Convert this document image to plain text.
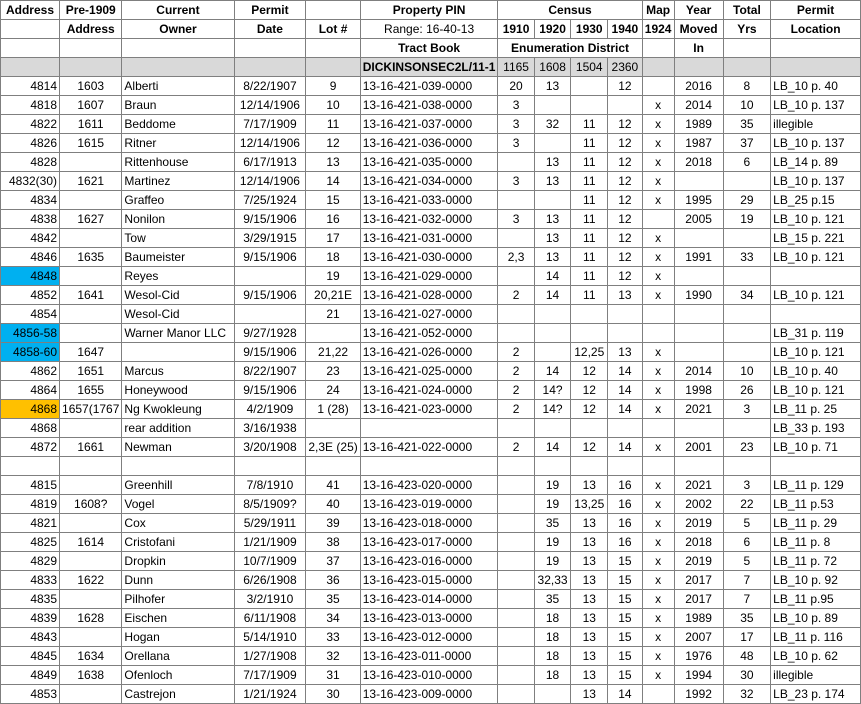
Address	Pre-1909	Current	Permit		Property PIN	Census				Map	Year	Total	Permit
	Address	Owner	Date	Lot #	Range: 16-40-13	1910	1920	1930	1940	1924	Moved	Yrs	Location
					Tract Book	Enumeration District					In		
					DICKINSONSEC2L/11-1	1165	1608	1504	2360				
4814	1603	Alberti	8/22/1907	9	13-16-421-039-0000	20	13		12		2016	8	LB_10 p. 40
4818	1607	Braun	12/14/1906	10	13-16-421-038-0000	3				x	2014	10	LB_10 p. 137
4822	1611	Beddome	7/17/1909	11	13-16-421-037-0000	3	32	11	12	x	1989	35	illegible
4826	1615	Ritner	12/14/1906	12	13-16-421-036-0000	3		11	12	x	1987	37	LB_10 p. 137
4828		Rittenhouse	6/17/1913	13	13-16-421-035-0000		13	11	12	x	2018	6	LB_14 p. 89
4832(30)	1621	Martinez	12/14/1906	14	13-16-421-034-0000	3	13	11	12	x			LB_10 p. 137
4834		Graffeo	7/25/1924	15	13-16-421-033-0000			11	12	x	1995	29	LB_25 p.15
4838	1627	Nonilon	9/15/1906	16	13-16-421-032-0000	3	13	11	12		2005	19	LB_10 p. 121
4842		Tow	3/29/1915	17	13-16-421-031-0000		13	11	12	x			LB_15 p. 221
4846	1635	Baumeister	9/15/1906	18	13-16-421-030-0000	2,3	13	11	12	x	1991	33	LB_10 p. 121
4848		Reyes		19	13-16-421-029-0000		14	11	12	x			
4852	1641	Wesol-Cid	9/15/1906	20,21E	13-16-421-028-0000	2	14	11	13	x	1990	34	LB_10 p. 121
4854		Wesol-Cid		21	13-16-421-027-0000								
4856-58		Warner Manor LLC	9/27/1928		13-16-421-052-0000								LB_31 p. 119
4858-60	1647		9/15/1906	21,22	13-16-421-026-0000	2		12,25	13	x			LB_10 p. 121
4862	1651	Marcus	8/22/1907	23	13-16-421-025-0000	2	14	12	14	x	2014	10	LB_10 p. 40
4864	1655	Honeywood	9/15/1906	24	13-16-421-024-0000	2	14?	12	14	x	1998	26	LB_10 p. 121
4868	1657(1767	Ng Kwokleung	4/2/1909	1 (28)	13-16-421-023-0000	2	14?	12	14	x	2021	3	LB_11 p. 25
4868		rear addition	3/16/1938										LB_33 p. 193
4872	1661	Newman	3/20/1908	2,3E (25)	13-16-421-022-0000	2	14	12	14	x	2001	23	LB_10 p. 71

4815		Greenhill	7/8/1910	41	13-16-423-020-0000		19	13	16	x	2021	3	LB_11 p. 129
4819	1608?	Vogel	8/5/1909?	40	13-16-423-019-0000		19	13,25	16	x	2002	22	LB_11 p.53
4821		Cox	5/29/1911	39	13-16-423-018-0000		35	13	16	x	2019	5	LB_11 p. 29
4825	1614	Cristofani	1/21/1909	38	13-16-423-017-0000		19	13	16	x	2018	6	LB_11 p. 8
4829		Dropkin	10/7/1909	37	13-16-423-016-0000		19	13	15	x	2019	5	LB_11 p. 72
4833	1622	Dunn	6/26/1908	36	13-16-423-015-0000		32,33	13	15	x	2017	7	LB_10 p. 92
4835		Pilhofer	3/2/1910	35	13-16-423-014-0000		35	13	15	x	2017	7	LB_11 p.95
4839	1628	Eischen	6/11/1908	34	13-16-423-013-0000		18	13	15	x	1989	35	LB_10 p. 89
4843		Hogan	5/14/1910	33	13-16-423-012-0000		18	13	15	x	2007	17	LB_11 p. 116
4845	1634	Orellana	1/27/1908	32	13-16-423-011-0000		18	13	15	x	1976	48	LB_10 p. 62
4849	1638	Ofenloch	7/17/1909	31	13-16-423-010-0000		18	13	15	x	1994	30	illegible
4853		Castrejon	1/21/1924	30	13-16-423-009-0000			13	14		1992	32	LB_23 p. 174
